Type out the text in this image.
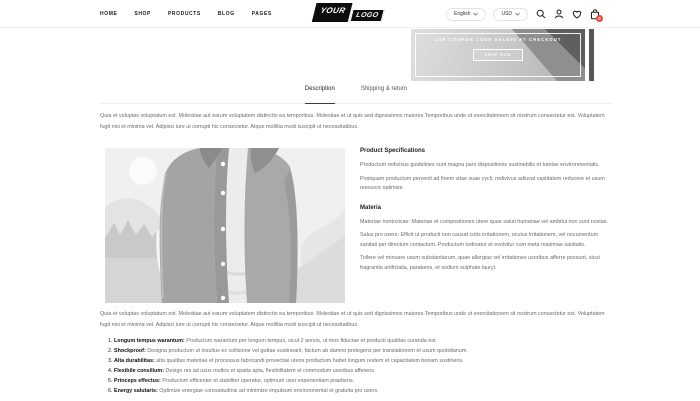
HOME	SHOP	PRODUCTS	BLOG	PAGES	YOUR
LOGO	English	USD
0
USE COUPON CODE SALE50 AT CHECKOUT
SHOP NOW
Description	Shipping & return

Quia et voluptas voluptatum est. Molestiae aut earum voluptatem distinctio ea temporibus. Molestiae et ut quis sed dignissimos maiores.Temporibus unde ut exercitationem sit nostrum consectetur est. Voluptatem fugit nisi et minima vel. Adipisci iure ut corrupti hic consectetur. Atque mollitia modi suscipit ut necessitatibus.

Product Specifications

Productum redivivus guidelines sunt magna pars dispositionis sustinebilis et tutelae environmentalis.

Postquam productum pervenit ad finem vitae suae cycli, redivivus adiuvat vastitatem reducere et usum resource optimize.

Materia

Materiae nontoxicae: Materiae et compositiones utere quae saluti humanae vel ambitui non sunt noxiae.

Salus pro users: Efficit ut producti non causat cutis irritationem, oculus irritationem, vel nocumentum sanitati per directum contactum. Productum ordinatur et evolvitur cum meta maximae sanitatis.

Tollere vel minuere usum substantiarum, quae allergias vel irritationes usoribus afferre possunt, sicut fragrantia artificialia, parabens, et sodium sulphate lauryl.

Quia et voluptas voluptatum est. Molestiae aut earum voluptatem distinctio ea temporibus. Molestiae et ut quis sed dignissimos maiores.Temporibus unde ut exercitationem sit nostrum consectetur est. Voluptatem fugit nisi et minima vel. Adipisci iure ut corrupti hic consectetur. Atque mollitia modi suscipit ut necessitatibus.

1. Longum tempus warantum: Productum warantum per longum tempus, sicut 2 annos, ut mos fiduciae et producti qualitas curanda est.
2. Shockproof: Designa productum ut insultus ex collisione vel guttae sustineant, factum ab damno protegens per translationem et usum quotidianum.
3. Alta durabilitas: alta qualitas materiae et processus fabricandi provectae utens productum habet longum restem et capacitatem bonam sustinens.
4. Flexibile consilium: Design res ad usus multos et spatia apta, flexibilitatem et commodum usoribus afferens.
5. Princeps effectus: Productum efficenter et stabiliter operatur, optimum user experientiam praebens.
6. Energy salutaris: Optimize energiae consuetudinis ad minimize impulsum environmental et gratuita pro users.
